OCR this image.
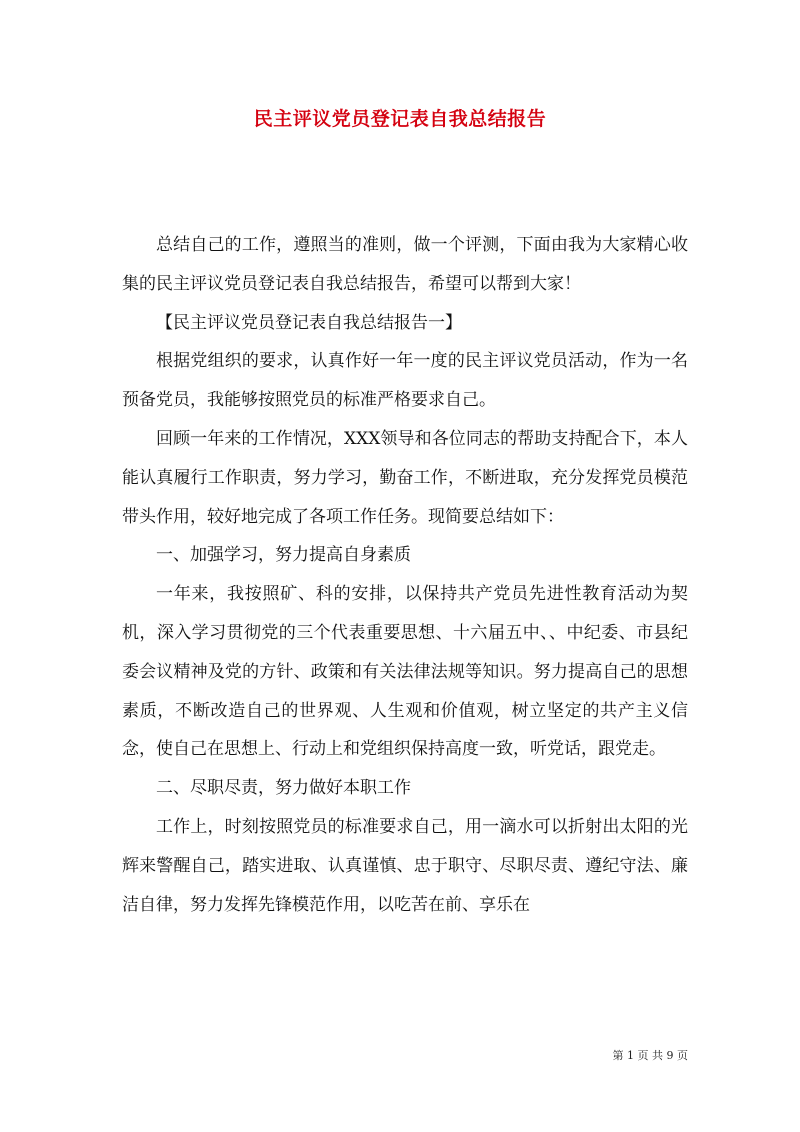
民主评议党员登记表自我总结报告

总结自己的工作，遵照当的准则，做一个评测，下面由我为大家精心收集的民主评议党员登记表自我总结报告，希望可以帮到大家！

【民主评议党员登记表自我总结报告一】

根据党组织的要求，认真作好一年一度的民主评议党员活动，作为一名预备党员，我能够按照党员的标准严格要求自己。

回顾一年来的工作情况，XXX领导和各位同志的帮助支持配合下，本人能认真履行工作职责，努力学习，勤奋工作，不断进取，充分发挥党员模范带头作用，较好地完成了各项工作任务。现简要总结如下：

一、加强学习，努力提高自身素质

一年来，我按照矿、科的安排，以保持共产党员先进性教育活动为契机，深入学习贯彻党的三个代表重要思想、十六届五中、、中纪委、市县纪委会议精神及党的方针、政策和有关法律法规等知识。努力提高自己的思想素质，不断改造自己的世界观、人生观和价值观，树立坚定的共产主义信念，使自己在思想上、行动上和党组织保持高度一致，听党话，跟党走。

二、尽职尽责，努力做好本职工作

工作上，时刻按照党员的标准要求自己，用一滴水可以折射出太阳的光辉来警醒自己，踏实进取、认真谨慎、忠于职守、尽职尽责、遵纪守法、廉洁自律，努力发挥先锋模范作用，以吃苦在前、享乐在

第 1 页 共 9 页
